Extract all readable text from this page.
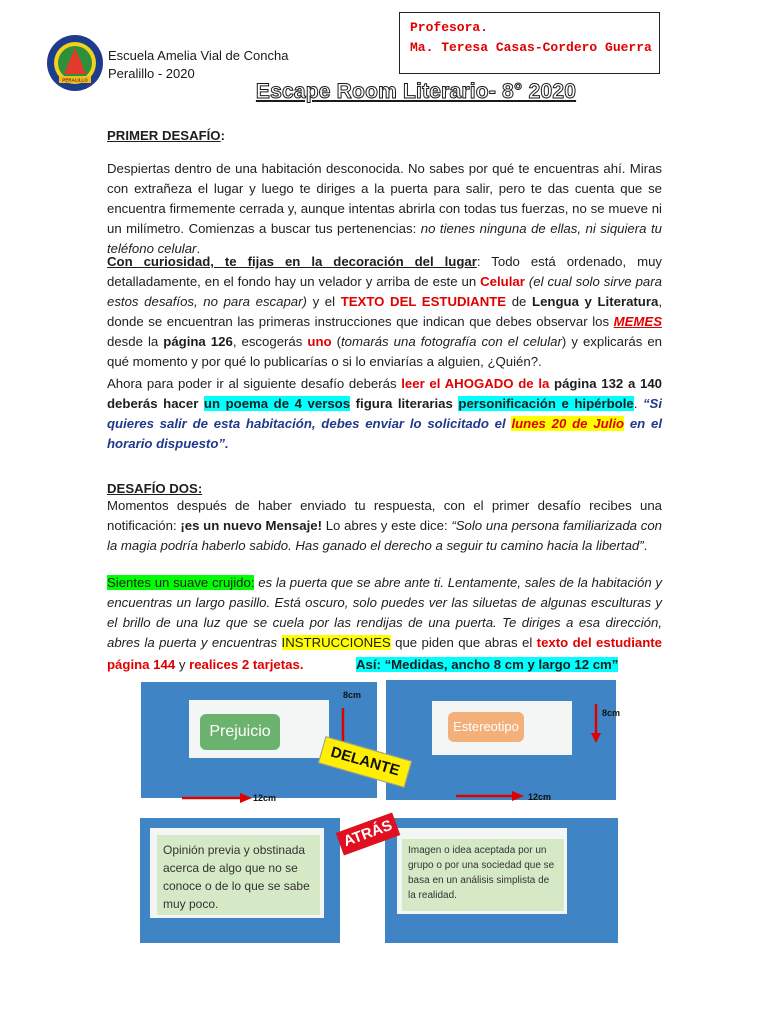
PERALILLO
Escuela Amelia Vial de Concha
Peralillo - 2020
Profesora.
Ma. Teresa Casas-Cordero Guerra
Escape Room Literario- 8° 2020
PRIMER DESAFÍO:
Despiertas dentro de una habitación desconocida. No sabes por qué te encuentras ahí. Miras con extrañeza el lugar y luego te diriges a la puerta para salir, pero te das cuenta que se encuentra firmemente cerrada y, aunque intentas abrirla con todas tus fuerzas, no se mueve ni un milímetro. Comienzas a buscar tus pertenencias: no tienes ninguna de ellas, ni siquiera tu teléfono celular.
Con curiosidad, te fijas en la decoración del lugar: Todo está ordenado, muy detalladamente, en el fondo hay un velador y arriba de este un Celular (el cual solo sirve para estos desafíos, no para escapar) y el TEXTO DEL ESTUDIANTE de Lengua y Literatura, donde se encuentran las primeras instrucciones que indican que debes observar los MEMES desde la página 126, escogerás uno (tomarás una fotografía con el celular) y explicarás en qué momento y por qué lo publicarías o si lo enviarías a alguien, ¿Quién?.
Ahora para poder ir al siguiente desafío deberás leer el AHOGADO de la página 132 a 140 deberás hacer un poema de 4 versos figura literarias personificación e hipérbole. “Si quieres salir de esta habitación, debes enviar lo solicitado el lunes 20 de Julio en el horario dispuesto”.
DESAFÍO DOS:
Momentos después de haber enviado tu respuesta, con el primer desafío recibes una notificación: ¡es un nuevo Mensaje! Lo abres y este dice: “Solo una persona familiarizada con la magia podría haberlo sabido. Has ganado el derecho a seguir tu camino hacia la libertad”.
Sientes un suave crujido: es la puerta que se abre ante ti. Lentamente, sales de la habitación y encuentras un largo pasillo. Está oscuro, solo puedes ver las siluetas de algunas esculturas y el brillo de una luz que se cuela por las rendijas de una puerta. Te diriges a esa dirección, abres la puerta y encuentras INSTRUCCIONES que piden que abras el texto del estudiante
página 144 y realices 2 tarjetas.	Así: “Medidas, ancho 8 cm y largo 12 cm”
Prejuicio	Estereotipo
Opinión previa y obstinada acerca de algo que no se conoce o de lo que se sabe muy poco.
Imagen o idea aceptada por un grupo o por una sociedad que se basa en un análisis simplista de la realidad.
8cm
8cm
12cm	12cm
DELANTE
ATRÁS
